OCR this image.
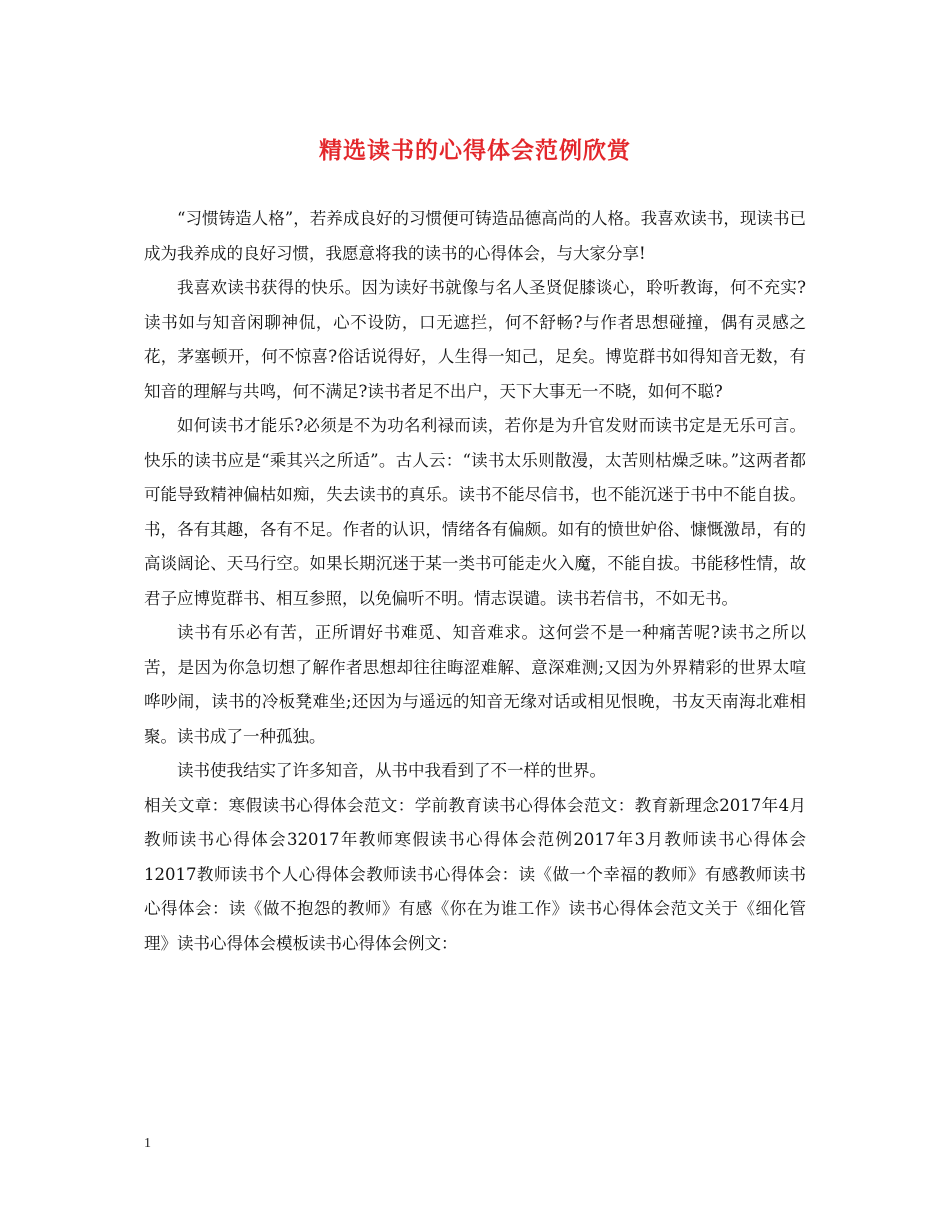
精选读书的心得体会范例欣赏

“习惯铸造人格”，若养成良好的习惯便可铸造品德高尚的人格。我喜欢读书，现读书已成为我养成的良好习惯，我愿意将我的读书的心得体会，与大家分享!

我喜欢读书获得的快乐。因为读好书就像与名人圣贤促膝谈心，聆听教诲，何不充实?读书如与知音闲聊神侃，心不设防，口无遮拦，何不舒畅?与作者思想碰撞，偶有灵感之花，茅塞顿开，何不惊喜?俗话说得好，人生得一知己，足矣。博览群书如得知音无数，有知音的理解与共鸣，何不满足?读书者足不出户，天下大事无一不晓，如何不聪?

如何读书才能乐?必须是不为功名利禄而读，若你是为升官发财而读书定是无乐可言。快乐的读书应是“乘其兴之所适”。古人云：“读书太乐则散漫，太苦则枯燥乏味。”这两者都可能导致精神偏枯如痴，失去读书的真乐。读书不能尽信书，也不能沉迷于书中不能自拔。书，各有其趣，各有不足。作者的认识，情绪各有偏颇。如有的愤世妒俗、慷慨激昂，有的高谈阔论、天马行空。如果长期沉迷于某一类书可能走火入魔，不能自拔。书能移性情，故君子应博览群书、相互参照，以免偏听不明。情志误谴。读书若信书，不如无书。

读书有乐必有苦，正所谓好书难觅、知音难求。这何尝不是一种痛苦呢?读书之所以苦，是因为你急切想了解作者思想却往往晦涩难解、意深难测;又因为外界精彩的世界太喧哗吵闹，读书的冷板凳难坐;还因为与遥远的知音无缘对话或相见恨晚，书友天南海北难相聚。读书成了一种孤独。

读书使我结实了许多知音，从书中我看到了不一样的世界。

相关文章：寒假读书心得体会范文：学前教育读书心得体会范文：教育新理念2017年4月教师读书心得体会32017年教师寒假读书心得体会范例2017年3月教师读书心得体会12017教师读书个人心得体会教师读书心得体会：读《做一个幸福的教师》有感教师读书心得体会：读《做不抱怨的教师》有感《你在为谁工作》读书心得体会范文关于《细化管理》读书心得体会模板读书心得体会例文：

1
